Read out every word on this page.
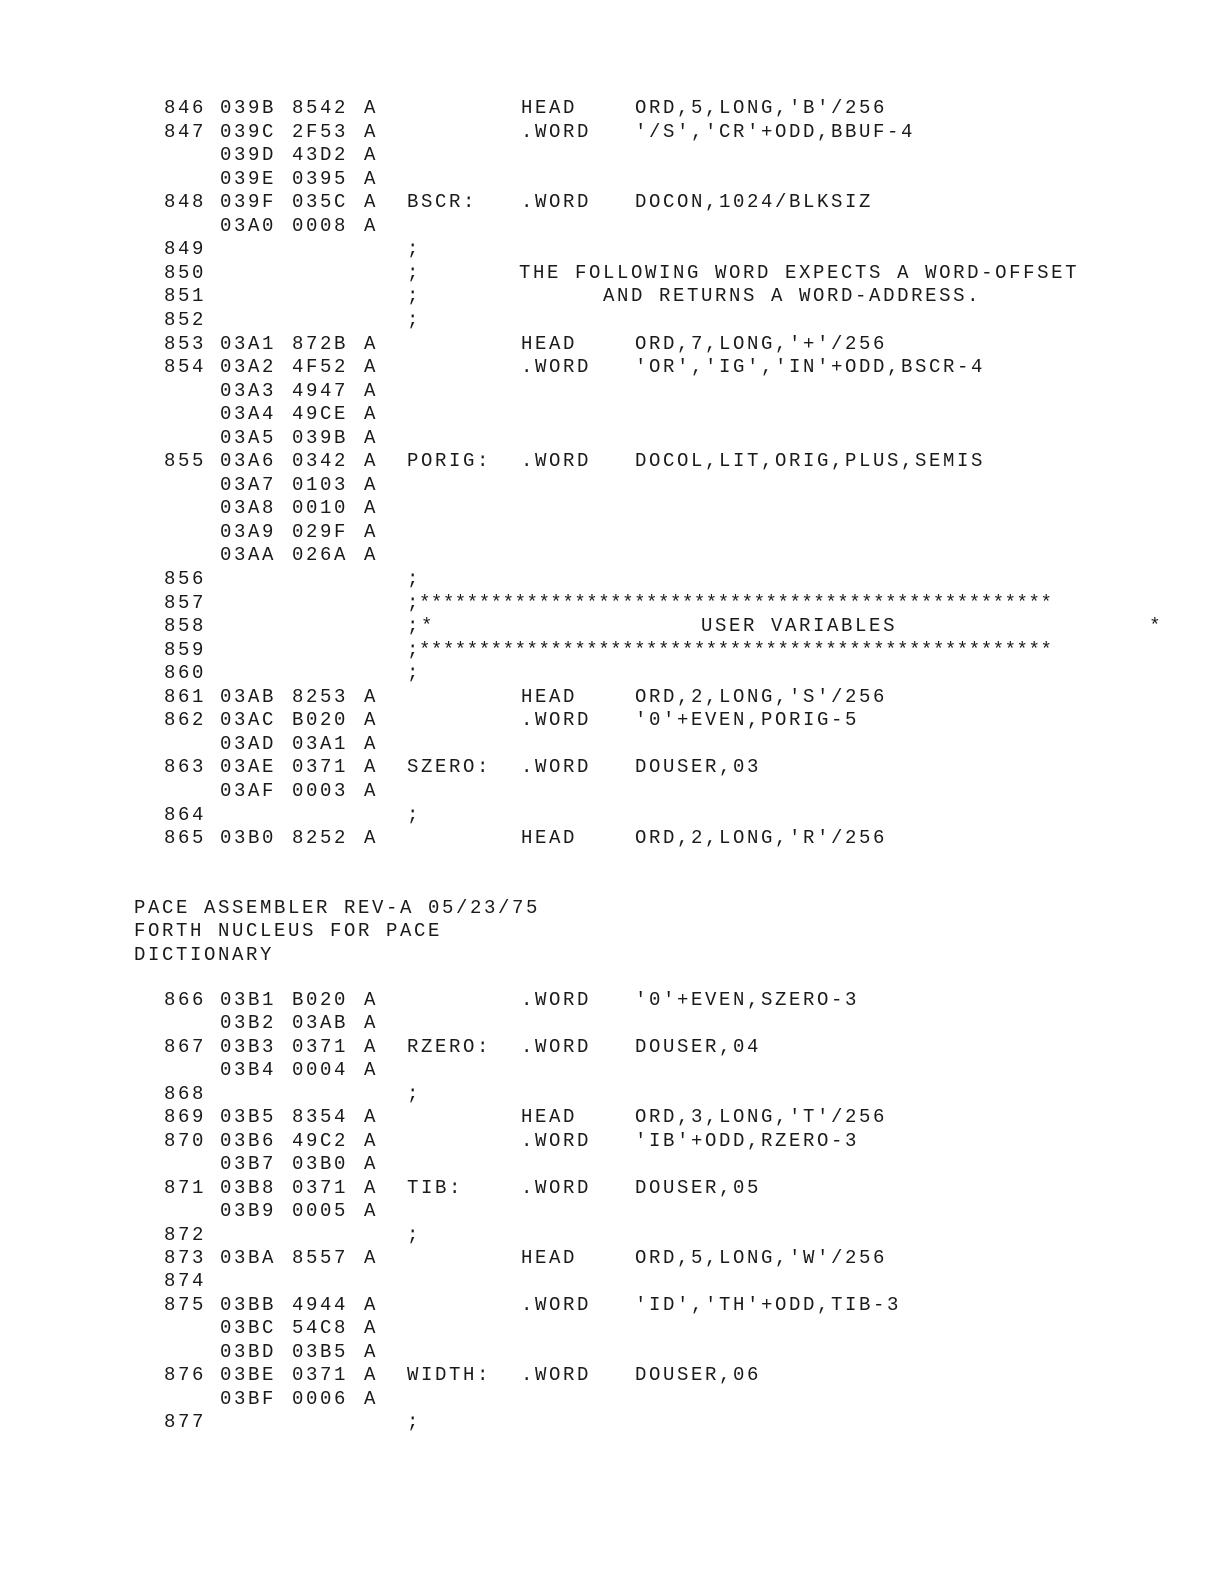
846 039B 8542 A	HEAD	ORD,5,LONG,'B'/256
847 039C 2F53 A	.WORD '/S','CR'+ODD,BBUF-4
039D 43D2 A
039E 0395 A
848 039F 035C A BSCR: .WORD DOCON,1024/BLKSIZ
03A0 0008 A
849	;
850	;       THE FOLLOWING WORD EXPECTS A WORD-OFFSET
851	;             AND RETURNS A WORD-ADDRESS.
852	;
853 03A1 872B A	HEAD	ORD,7,LONG,'+'/256
854 03A2 4F52 A	.WORD 'OR','IG','IN'+ODD,BSCR-4
03A3 4947 A
03A4 49CE A
03A5 039B A
855 03A6 0342 A PORIG: .WORD DOCOL,LIT,ORIG,PLUS,SEMIS
03A7 0103 A
03A8 0010 A
03A9 029F A
03AA 026A A
856	;
857	;*****************************************************
858	;*                   USER VARIABLES                  *
859	;*****************************************************
860	;
861 03AB 8253 A	HEAD	ORD,2,LONG,'S'/256
862 03AC B020 A	.WORD '0'+EVEN,PORIG-5
03AD 03A1 A
863 03AE 0371 A SZERO: .WORD DOUSER,03
03AF 0003 A
864	;
865 03B0 8252 A	HEAD	ORD,2,LONG,'R'/256
PACE ASSEMBLER REV-A 05/23/75
FORTH NUCLEUS FOR PACE
DICTIONARY
866 03B1 B020 A	.WORD '0'+EVEN,SZERO-3
03B2 03AB A
867 03B3 0371 A RZERO: .WORD DOUSER,04
03B4 0004 A
868	;
869 03B5 8354 A	HEAD	ORD,3,LONG,'T'/256
870 03B6 49C2 A	.WORD 'IB'+ODD,RZERO-3
03B7 03B0 A
871 03B8 0371 A TIB:	.WORD DOUSER,05
03B9 0005 A
872	;
873 03BA 8557 A	HEAD	ORD,5,LONG,'W'/256
874
875 03BB 4944 A	.WORD 'ID','TH'+ODD,TIB-3
03BC 54C8 A
03BD 03B5 A
876 03BE 0371 A WIDTH: .WORD DOUSER,06
03BF 0006 A
877	;
